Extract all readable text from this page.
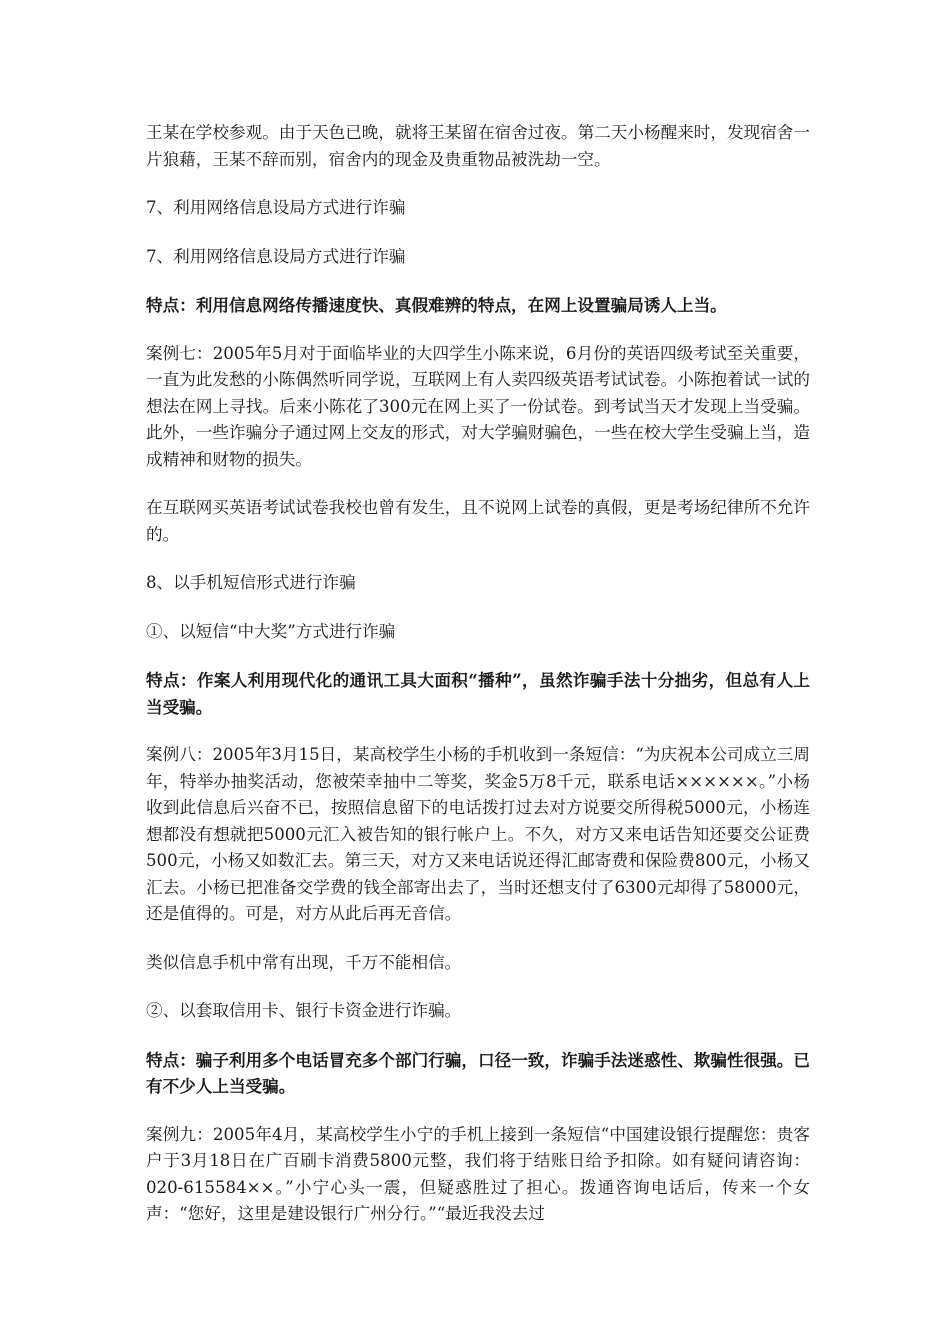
王某在学校参观。由于天色已晚，就将王某留在宿舍过夜。第二天小杨醒来时，发现宿舍一片狼藉，王某不辞而别，宿舍内的现金及贵重物品被洗劫一空。

7、利用网络信息设局方式进行诈骗

7、利用网络信息设局方式进行诈骗

特点：利用信息网络传播速度快、真假难辨的特点，在网上设置骗局诱人上当。

案例七：2005年5月对于面临毕业的大四学生小陈来说，6月份的英语四级考试至关重要，一直为此发愁的小陈偶然听同学说，互联网上有人卖四级英语考试试卷。小陈抱着试一试的想法在网上寻找。后来小陈花了300元在网上买了一份试卷。到考试当天才发现上当受骗。此外，一些诈骗分子通过网上交友的形式，对大学骗财骗色，一些在校大学生受骗上当，造成精神和财物的损失。

在互联网买英语考试试卷我校也曾有发生，且不说网上试卷的真假，更是考场纪律所不允许的。

8、以手机短信形式进行诈骗

①、以短信“中大奖”方式进行诈骗

特点：作案人利用现代化的通讯工具大面积“播种”，虽然诈骗手法十分拙劣，但总有人上当受骗。

案例八：2005年3月15日，某高校学生小杨的手机收到一条短信：“为庆祝本公司成立三周年，特举办抽奖活动，您被荣幸抽中二等奖，奖金5万8千元，联系电话××××××。”小杨收到此信息后兴奋不已，按照信息留下的电话拨打过去对方说要交所得税5000元，小杨连想都没有想就把5000元汇入被告知的银行帐户上。不久，对方又来电话告知还要交公证费500元，小杨又如数汇去。第三天，对方又来电话说还得汇邮寄费和保险费800元，小杨又汇去。小杨已把准备交学费的钱全部寄出去了，当时还想支付了6300元却得了58000元，还是值得的。可是，对方从此后再无音信。

类似信息手机中常有出现，千万不能相信。

②、以套取信用卡、银行卡资金进行诈骗。

特点：骗子利用多个电话冒充多个部门行骗，口径一致，诈骗手法迷惑性、欺骗性很强。已有不少人上当受骗。

案例九：2005年4月，某高校学生小宁的手机上接到一条短信“中国建设银行提醒您：贵客户于3月18日在广百刷卡消费5800元整，我们将于结账日给予扣除。如有疑问请咨询：020-615584××。”小宁心头一震，但疑惑胜过了担心。拨通咨询电话后，传来一个女声：“您好，这里是建设银行广州分行。”“最近我没去过
